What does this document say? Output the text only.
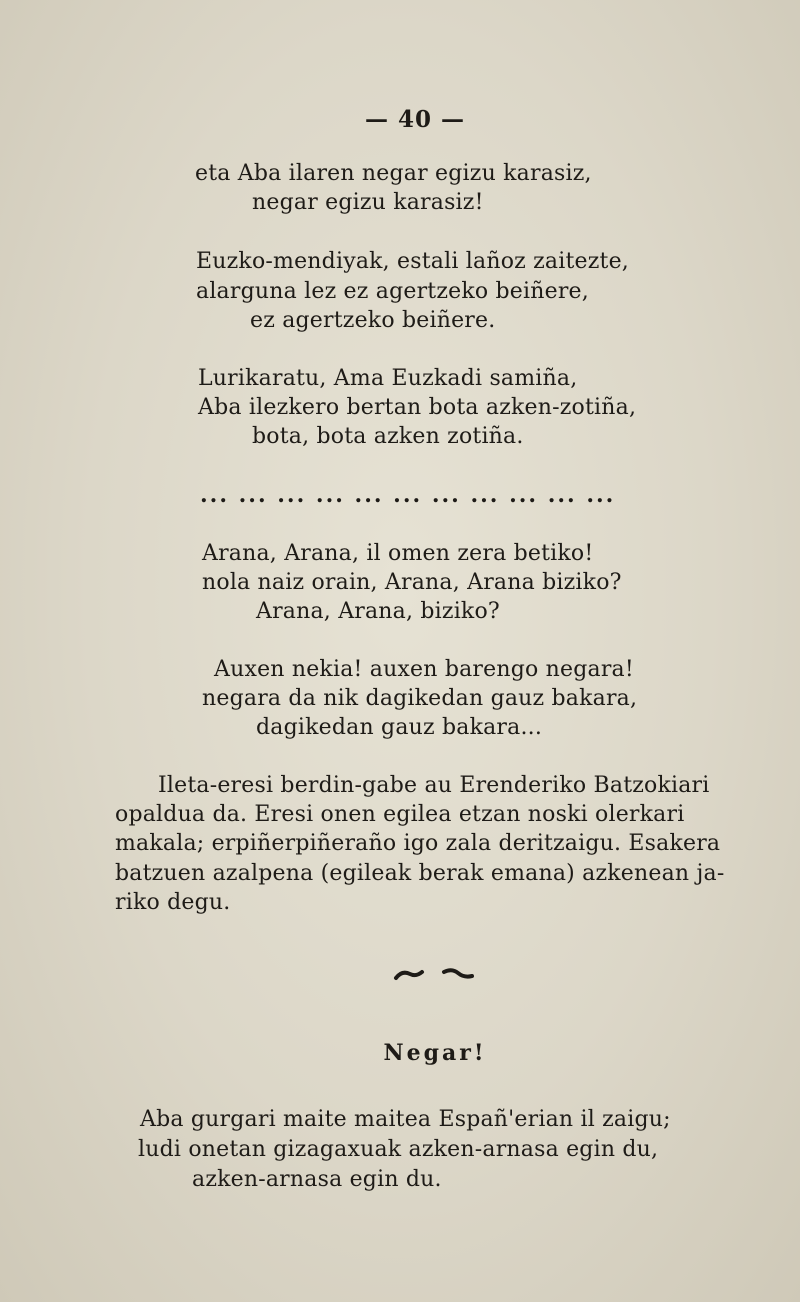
— 40 —
eta Aba ilaren negar egizu karasiz,
negar egizu karasiz!
Euzko-mendiyak, estali lañoz zaitezte,
alarguna lez ez agertzeko beiñere,
ez agertzeko beiñere.
Lurikaratu, Ama Euzkadi samiña,
Aba ilezkero bertan bota azken-zotiña,
bota, bota azken zotiña.
... ... ... ... ... ... ... ... ... ... ...
Arana, Arana, il omen zera betiko!
nola naiz orain, Arana, Arana biziko?
Arana, Arana, biziko?
Auxen nekia! auxen barengo negara!
negara da nik dagikedan gauz bakara,
dagikedan gauz bakara...
Ileta-eresi berdin-gabe au Erenderiko Batzokiari
opaldua da. Eresi onen egilea etzan noski olerkari
makala; erpiñerpiñeraño igo zala deritzaigu. Esakera
batzuen azalpena (egileak berak emana) azkenean ja-
riko degu.
Negar!
Aba gurgari maite maitea Españ'erian il zaigu;
ludi onetan gizagaxuak azken-arnasa egin du,
azken-arnasa egin du.
